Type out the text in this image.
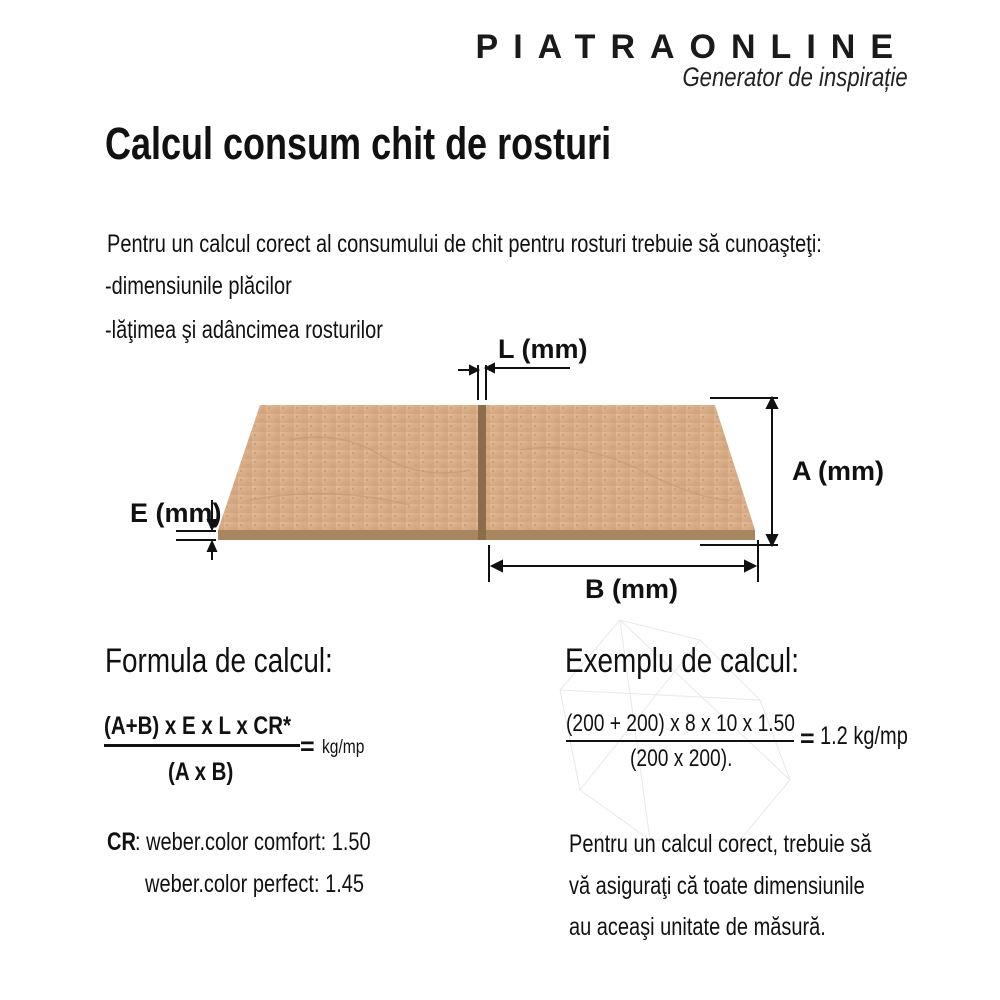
PIATRAONLINE
Generator de inspirație
Calcul consum chit de rosturi
Pentru un calcul corect al consumului de chit pentru rosturi trebuie să cunoaşteţi:
-dimensiunile plăcilor
-lăţimea şi adâncimea rosturilor
L (mm)
A (mm)
B (mm)
E (mm)
Formula de calcul:
(A+B) x E x L x CR*
(A x B)
= kg/mp
Exemplu de calcul:
(200 + 200) x 8 x 10 x 1.50
(200 x 200).
= 1.2 kg/mp
CR : weber.color comfort: 1.50
weber.color perfect: 1.45
Pentru un calcul corect, trebuie să
vă asiguraţi că toate dimensiunile
au aceaşi unitate de măsură.
